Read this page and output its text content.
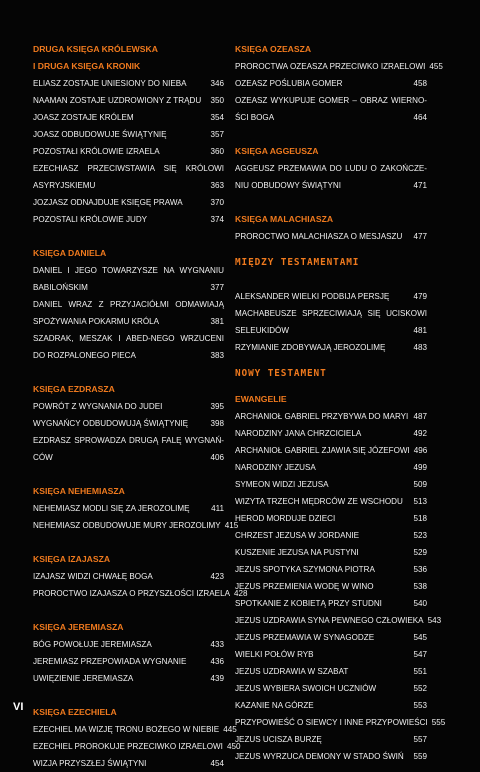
DRUGA KSIĘGA KRÓLEWSKA
I DRUGA KSIĘGA KRONIK
ELIASZ ZOSTAJE UNIESIONY DO NIEBA	346
NAAMAN ZOSTAJE UZDROWIONY Z TRĄDU	350
JOASZ ZOSTAJE KRÓLEM	354
JOASZ ODBUDOWUJE ŚWIĄTYNIĘ	357
POZOSTAŁI KRÓLOWIE IZRAELA	360
EZECHIASZ PRZECIWSTAWIA SIĘ KRÓLOWI
ASYRYJSKIEMU	363
JOZJASZ ODNAJDUJE KSIĘGĘ PRAWA	370
POZOSTALI KRÓLOWIE JUDY	374
KSIĘGA DANIELA
DANIEL I JEGO TOWARZYSZE NA WYGNANIU
BABILOŃSKIM	377
DANIEL WRAZ Z PRZYJACIÓŁMI ODMAWIAJĄ
SPOŻYWANIA POKARMU KRÓLA	381
SZADRAK, MESZAK I ABED-NEGO WRZUCENI
DO ROZPALONEGO PIECA	383
KSIĘGA EZDRASZA
POWRÓT Z WYGNANIA DO JUDEI	395
WYGNAŃCY ODBUDOWUJĄ ŚWIĄTYNIĘ	398
EZDRASZ SPROWADZA DRUGĄ FALĘ WYGNAŃ-
CÓW	406
KSIĘGA NEHEMIASZA
NEHEMIASZ MODLI SIĘ ZA JEROZOLIMĘ	411
NEHEMIASZ ODBUDOWUJE MURY JEROZOLIMY 415
KSIĘGA IZAJASZA
IZAJASZ WIDZI CHWAŁĘ BOGA	423
PROROCTWO IZAJASZA O PRZYSZŁOŚCI IZRAELA 428
KSIĘGA JEREMIASZA
BÓG POWOŁUJE JEREMIASZA	433
JEREMIASZ PRZEPOWIADA WYGNANIE	436
UWIĘZIENIE JEREMIASZA	439
KSIĘGA EZECHIELA
EZECHIEL MA WIZJĘ TRONU BOŻEGO W NIEBIE 445
EZECHIEL PROROKUJE PRZECIWKO IZRAELOWI 450
WIZJA PRZYSZŁEJ ŚWIĄTYNI	454
KSIĘGA OZEASZA
PROROCTWA OZEASZA PRZECIWKO IZRAELOWI 455
OZEASZ POŚLUBIA GOMER	458
OZEASZ WYKUPUJE GOMER – OBRAZ WIERNO-
ŚCI BOGA	464
KSIĘGA AGGEUSZA
AGGEUSZ PRZEMAWIA DO LUDU O ZAKOŃCZE-
NIU ODBUDOWY ŚWIĄTYNI	471
KSIĘGA MALACHIASZA
PROROCTWO MALACHIASZA O MESJASZU	477
MIĘDZY TESTAMENTAMI
ALEKSANDER WIELKI PODBIJA PERSJĘ	479
MACHABEUSZE SPRZECIWIAJĄ SIĘ UCISKOWI
SELEUKIDÓW	481
RZYMIANIE ZDOBYWAJĄ JEROZOLIMĘ	483
NOWY TESTAMENT
EWANGELIE
ARCHANIOŁ GABRIEL PRZYBYWA DO MARYI 487
NARODZINY JANA CHRZCICIELA	492
ARCHANIOŁ GABRIEL ZJAWIA SIĘ JÓZEFOWI 496
NARODZINY JEZUSA	499
SYMEON WIDZI JEZUSA	509
WIZYTA TRZECH MĘDRCÓW ZE WSCHODU	513
HEROD MORDUJE DZIECI	518
CHRZEST JEZUSA W JORDANIE	523
KUSZENIE JEZUSA NA PUSTYNI	529
JEZUS SPOTYKA SZYMONA PIOTRA	536
JEZUS PRZEMIENIA WODĘ W WINO	538
SPOTKANIE Z KOBIETĄ PRZY STUDNI	540
JEZUS UZDRAWIA SYNA PEWNEGO CZŁOWIEKA 543
JEZUS PRZEMAWIA W SYNAGODZE	545
WIELKI POŁÓW RYB	547
JEZUS UZDRAWIA W SZABAT	551
JEZUS WYBIERA SWOICH UCZNIÓW	552
KAZANIE NA GÓRZE	553
PRZYPOWIEŚĆ O SIEWCY I INNE PRZYPOWIEŚCI 555
JEZUS UCISZA BURZĘ	557
JEZUS WYRZUCA DEMONY W STADO ŚWIŃ	559
VI
